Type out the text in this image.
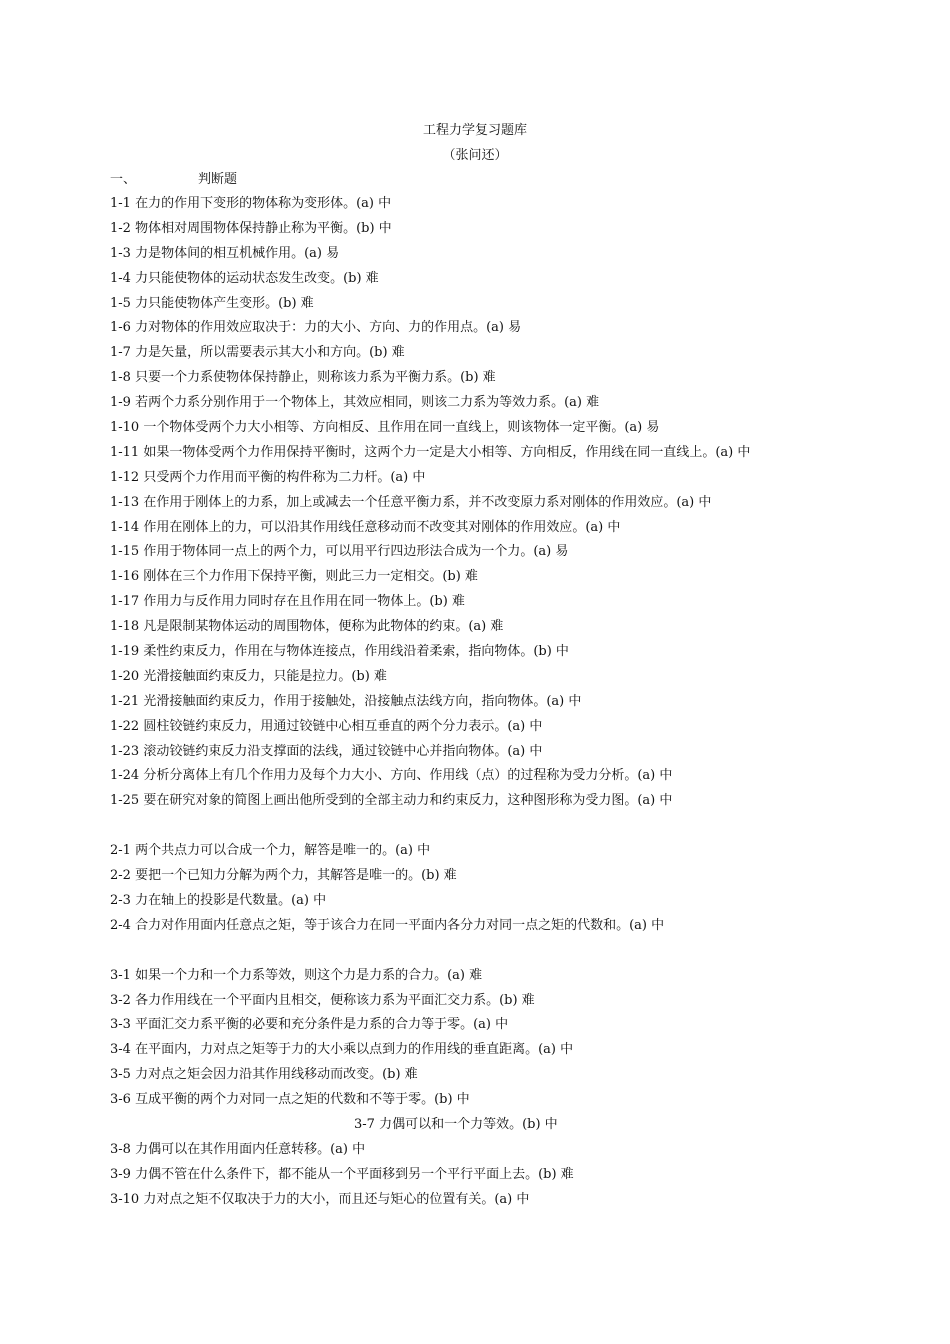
工程力学复习题库
（张问还）
一、	判断题
1-1 在力的作用下变形的物体称为变形体。(a) 中
1-2 物体相对周围物体保持静止称为平衡。(b) 中
1-3 力是物体间的相互机械作用。(a) 易
1-4 力只能使物体的运动状态发生改变。(b) 难
1-5 力只能使物体产生变形。(b) 难
1-6 力对物体的作用效应取决于：力的大小、方向、力的作用点。(a) 易
1-7 力是矢量，所以需要表示其大小和方向。(b) 难
1-8 只要一个力系使物体保持静止，则称该力系为平衡力系。(b) 难
1-9 若两个力系分别作用于一个物体上，其效应相同，则该二力系为等效力系。(a) 难
1-10 一个物体受两个力大小相等、方向相反、且作用在同一直线上，则该物体一定平衡。(a) 易
1-11 如果一物体受两个力作用保持平衡时，这两个力一定是大小相等、方向相反，作用线在同一直线上。(a) 中
1-12 只受两个力作用而平衡的构件称为二力杆。(a) 中
1-13 在作用于刚体上的力系，加上或减去一个任意平衡力系，并不改变原力系对刚体的作用效应。(a) 中
1-14 作用在刚体上的力，可以沿其作用线任意移动而不改变其对刚体的作用效应。(a) 中
1-15 作用于物体同一点上的两个力，可以用平行四边形法合成为一个力。(a) 易
1-16 刚体在三个力作用下保持平衡，则此三力一定相交。(b) 难
1-17 作用力与反作用力同时存在且作用在同一物体上。(b) 难
1-18 凡是限制某物体运动的周围物体，便称为此物体的约束。(a) 难
1-19 柔性约束反力，作用在与物体连接点，作用线沿着柔索，指向物体。(b) 中
1-20 光滑接触面约束反力，只能是拉力。(b) 难
1-21 光滑接触面约束反力，作用于接触处，沿接触点法线方向，指向物体。(a) 中
1-22 圆柱铰链约束反力，用通过铰链中心相互垂直的两个分力表示。(a) 中
1-23 滚动铰链约束反力沿支撑面的法线，通过铰链中心并指向物体。(a) 中
1-24 分析分离体上有几个作用力及每个力大小、方向、作用线（点）的过程称为受力分析。(a) 中
1-25 要在研究对象的简图上画出他所受到的全部主动力和约束反力，这种图形称为受力图。(a) 中
2-1 两个共点力可以合成一个力，解答是唯一的。(a) 中
2-2 要把一个已知力分解为两个力，其解答是唯一的。(b) 难
2-3 力在轴上的投影是代数量。(a) 中
2-4 合力对作用面内任意点之矩，等于该合力在同一平面内各分力对同一点之矩的代数和。(a) 中
3-1 如果一个力和一个力系等效，则这个力是力系的合力。(a) 难
3-2 各力作用线在一个平面内且相交，便称该力系为平面汇交力系。(b) 难
3-3 平面汇交力系平衡的必要和充分条件是力系的合力等于零。(a) 中
3-4 在平面内，力对点之矩等于力的大小乘以点到力的作用线的垂直距离。(a) 中
3-5 力对点之矩会因力沿其作用线移动而改变。(b) 难
3-6 互成平衡的两个力对同一点之矩的代数和不等于零。(b) 中
3-7 力偶可以和一个力等效。(b) 中
3-8 力偶可以在其作用面内任意转移。(a) 中
3-9 力偶不管在什么条件下，都不能从一个平面移到另一个平行平面上去。(b) 难
3-10 力对点之矩不仅取决于力的大小，而且还与矩心的位置有关。(a) 中
